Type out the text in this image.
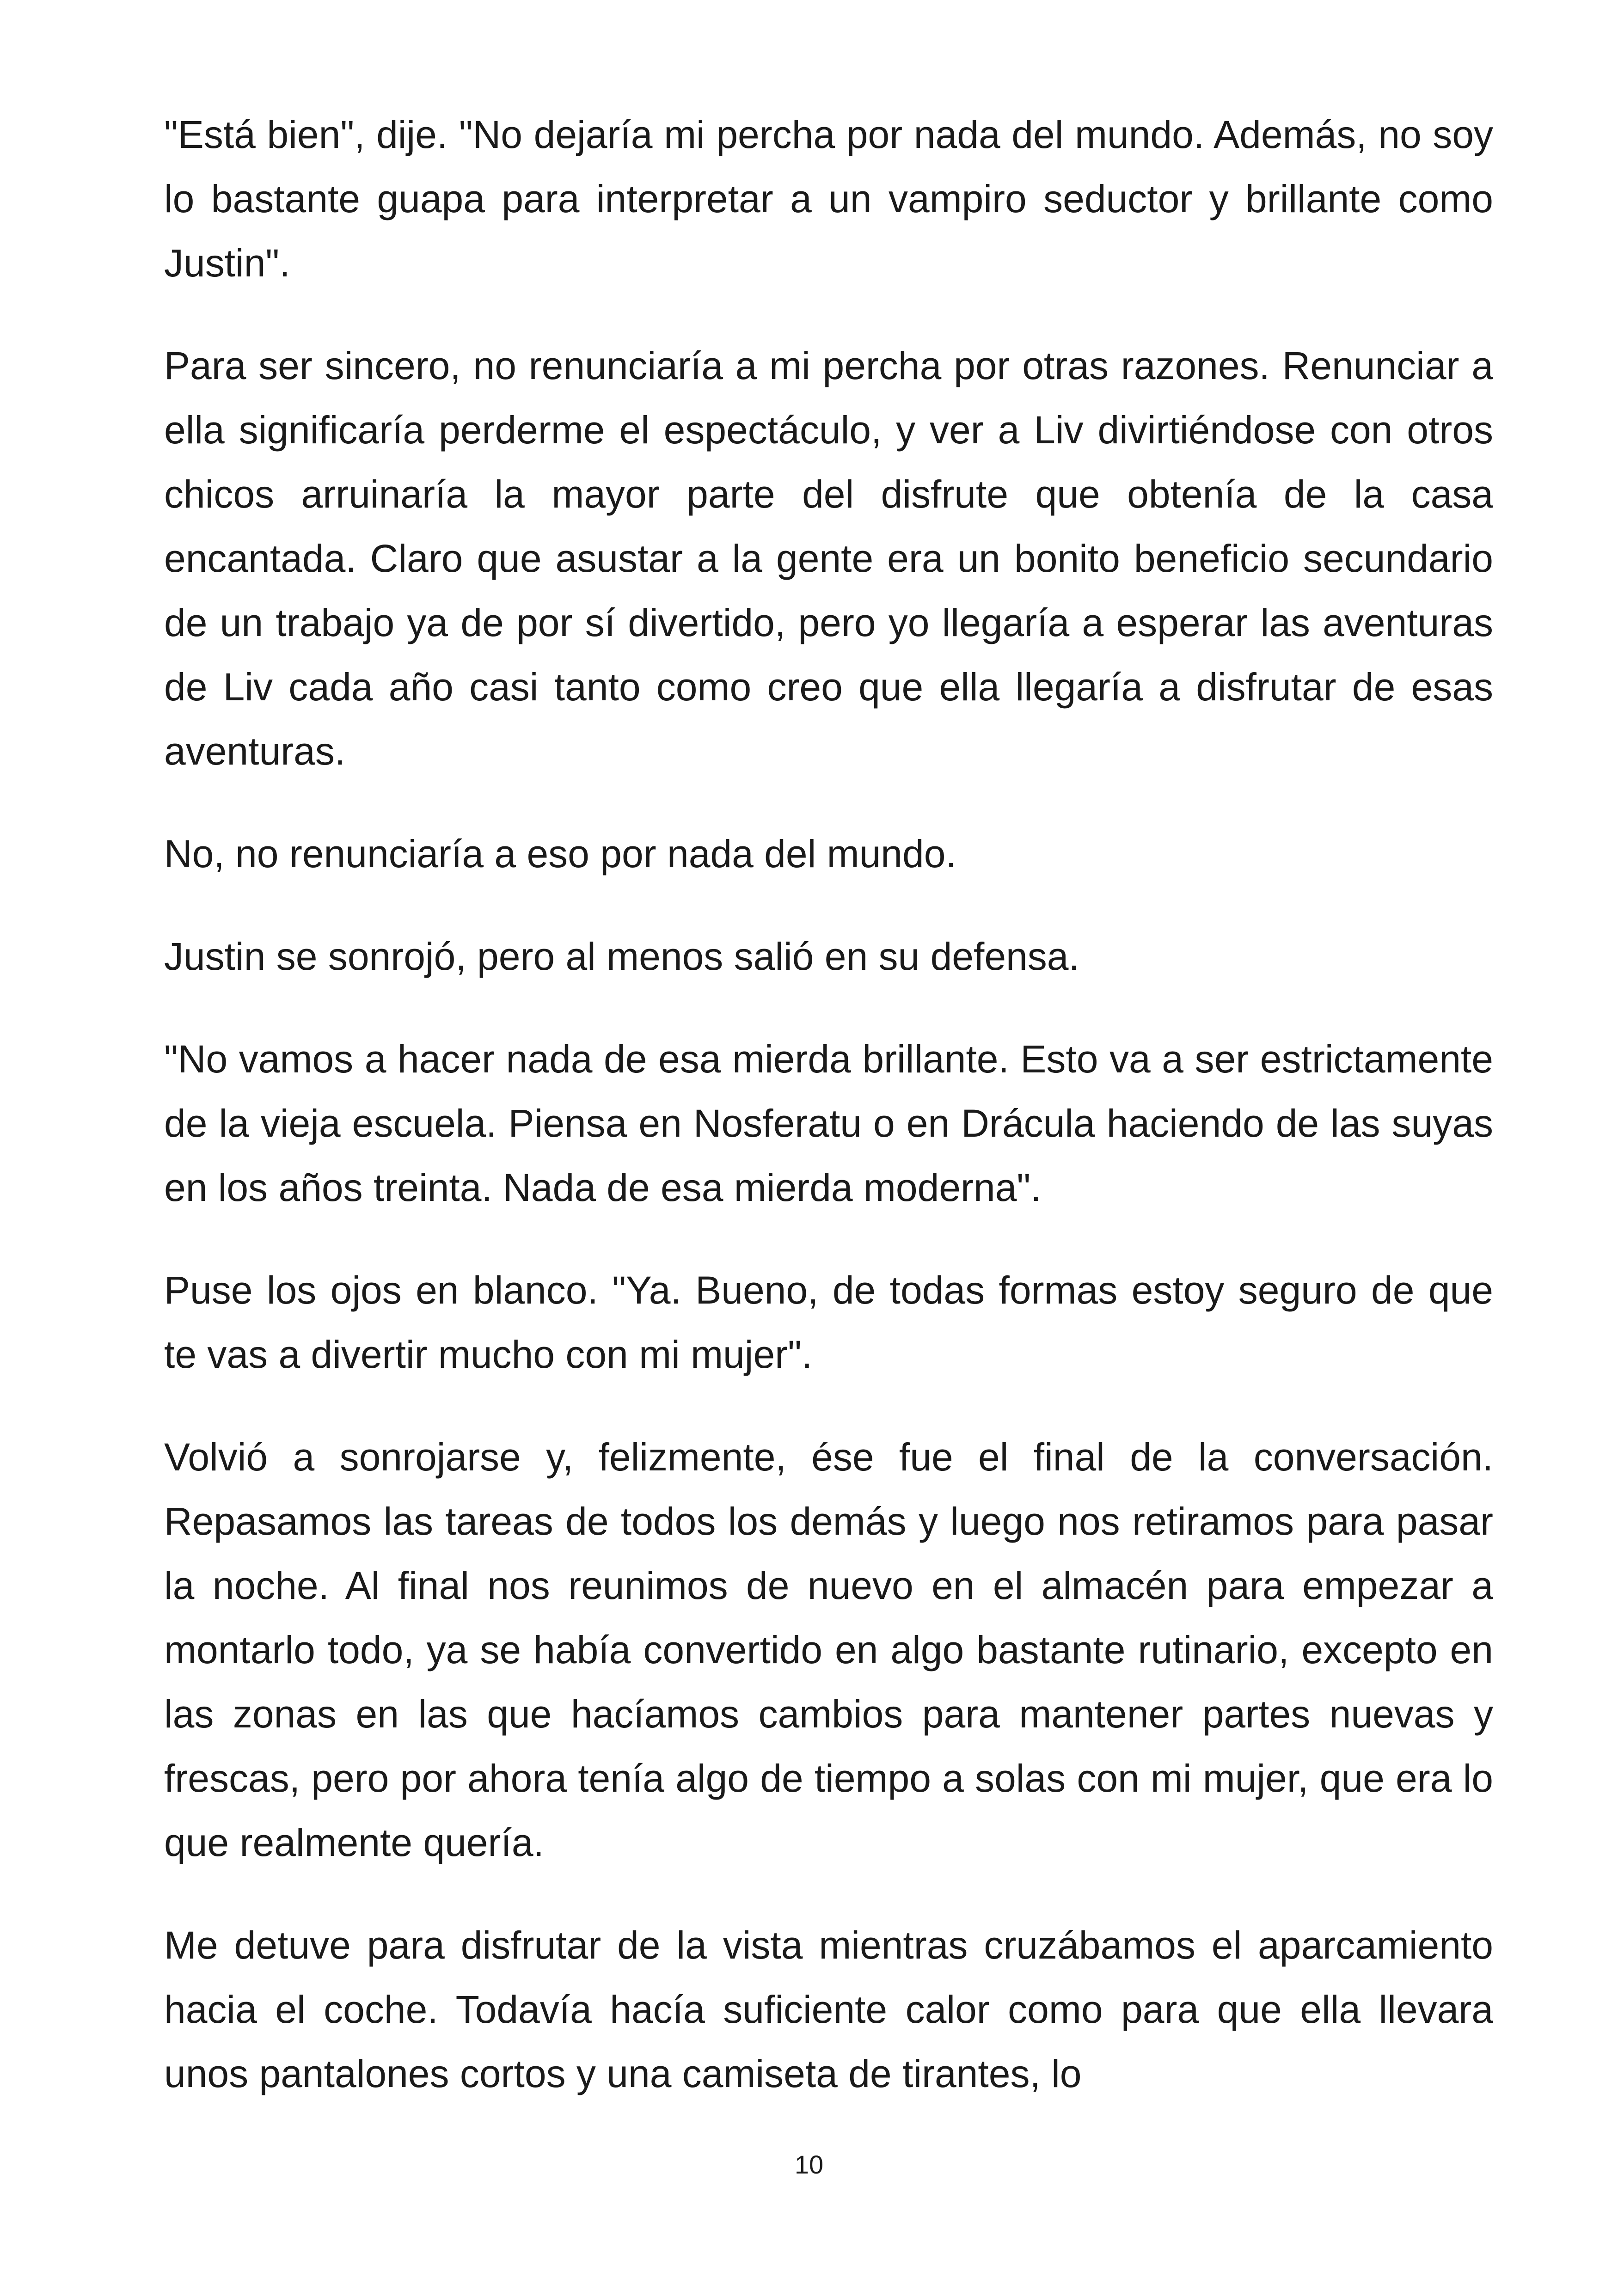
"Está bien", dije. "No dejaría mi percha por nada del mundo. Además, no soy lo bastante guapa para interpretar a un vampiro seductor y brillante como Justin".

Para ser sincero, no renunciaría a mi percha por otras razones. Renunciar a ella significaría perderme el espectáculo, y ver a Liv divirtiéndose con otros chicos arruinaría la mayor parte del disfrute que obtenía de la casa encantada. Claro que asustar a la gente era un bonito beneficio secundario de un trabajo ya de por sí divertido, pero yo llegaría a esperar las aventuras de Liv cada año casi tanto como creo que ella llegaría a disfrutar de esas aventuras.

No, no renunciaría a eso por nada del mundo.

Justin se sonrojó, pero al menos salió en su defensa.

"No vamos a hacer nada de esa mierda brillante. Esto va a ser estrictamente de la vieja escuela. Piensa en Nosferatu o en Drácula haciendo de las suyas en los años treinta. Nada de esa mierda moderna".

Puse los ojos en blanco. "Ya. Bueno, de todas formas estoy seguro de que te vas a divertir mucho con mi mujer".

Volvió a sonrojarse y, felizmente, ése fue el final de la conversación. Repasamos las tareas de todos los demás y luego nos retiramos para pasar la noche. Al final nos reunimos de nuevo en el almacén para empezar a montarlo todo, ya se había convertido en algo bastante rutinario, excepto en las zonas en las que hacíamos cambios para mantener partes nuevas y frescas, pero por ahora tenía algo de tiempo a solas con mi mujer, que era lo que realmente quería.

Me detuve para disfrutar de la vista mientras cruzábamos el aparcamiento hacia el coche. Todavía hacía suficiente calor como para que ella llevara unos pantalones cortos y una camiseta de tirantes, lo

10
